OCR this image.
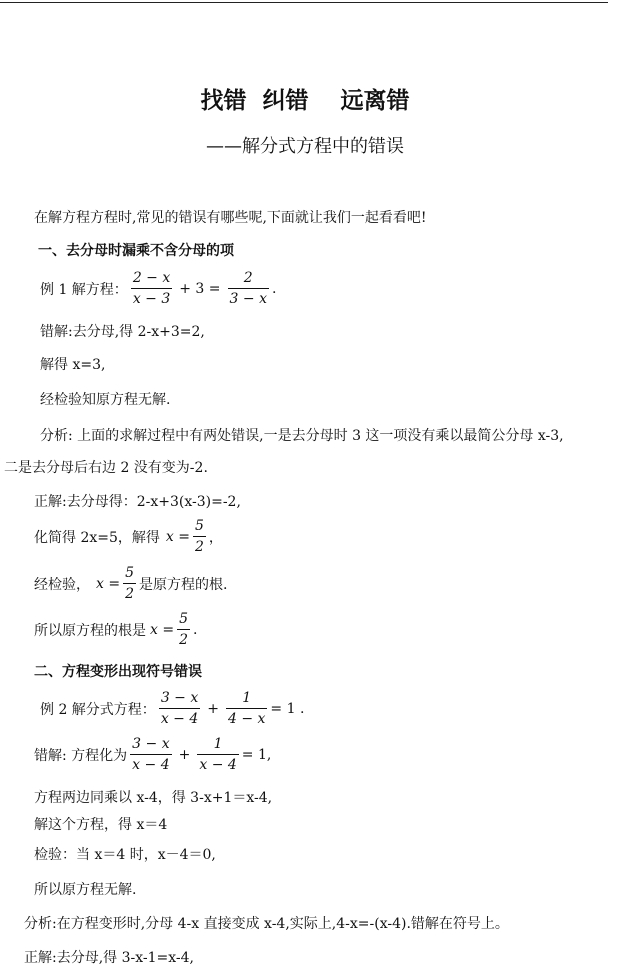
找错  纠错    远离错
——解分式方程中的错误
在解方程方程时,常见的错误有哪些呢,下面就让我们一起看看吧!
一、去分母时漏乘不含分母的项
例 1 解方程： $\frac{2 - x}{x - 3} + 3 = \frac{2}{3 - x}$ .
错解:去分母,得 2-x+3=2,
解得 x=3,
经检验知原方程无解.
分析: 上面的求解过程中有两处错误,一是去分母时 3 这一项没有乘以最简公分母 x-3,
二是去分母后右边 2 没有变为-2.
正解:去分母得：2-x+3(x-3)=-2,
化简得 2x=5，解得 $x = \frac{5}{2}$ ，
经检验， $x = \frac{5}{2}$ 是原方程的根.
所以原方程的根是 $x = \frac{5}{2}$ .
二、方程变形出现符号错误
例 2 解分式方程： $\frac{3 - x}{x - 4} + \frac{1}{4 - x} = 1$ .
错解: 方程化为 $\frac{3 - x}{x - 4} + \frac{1}{x - 4} = 1$,
方程两边同乘以 x-4，得 3-x+1＝x-4,
解这个方程，得 x＝4
检验：当 x＝4 时，x－4＝0,
所以原方程无解.
分析:在方程变形时,分母 4-x 直接变成 x-4,实际上,4-x=-(x-4).错解在符号上。
正解:去分母,得 3-x-1=x-4,
